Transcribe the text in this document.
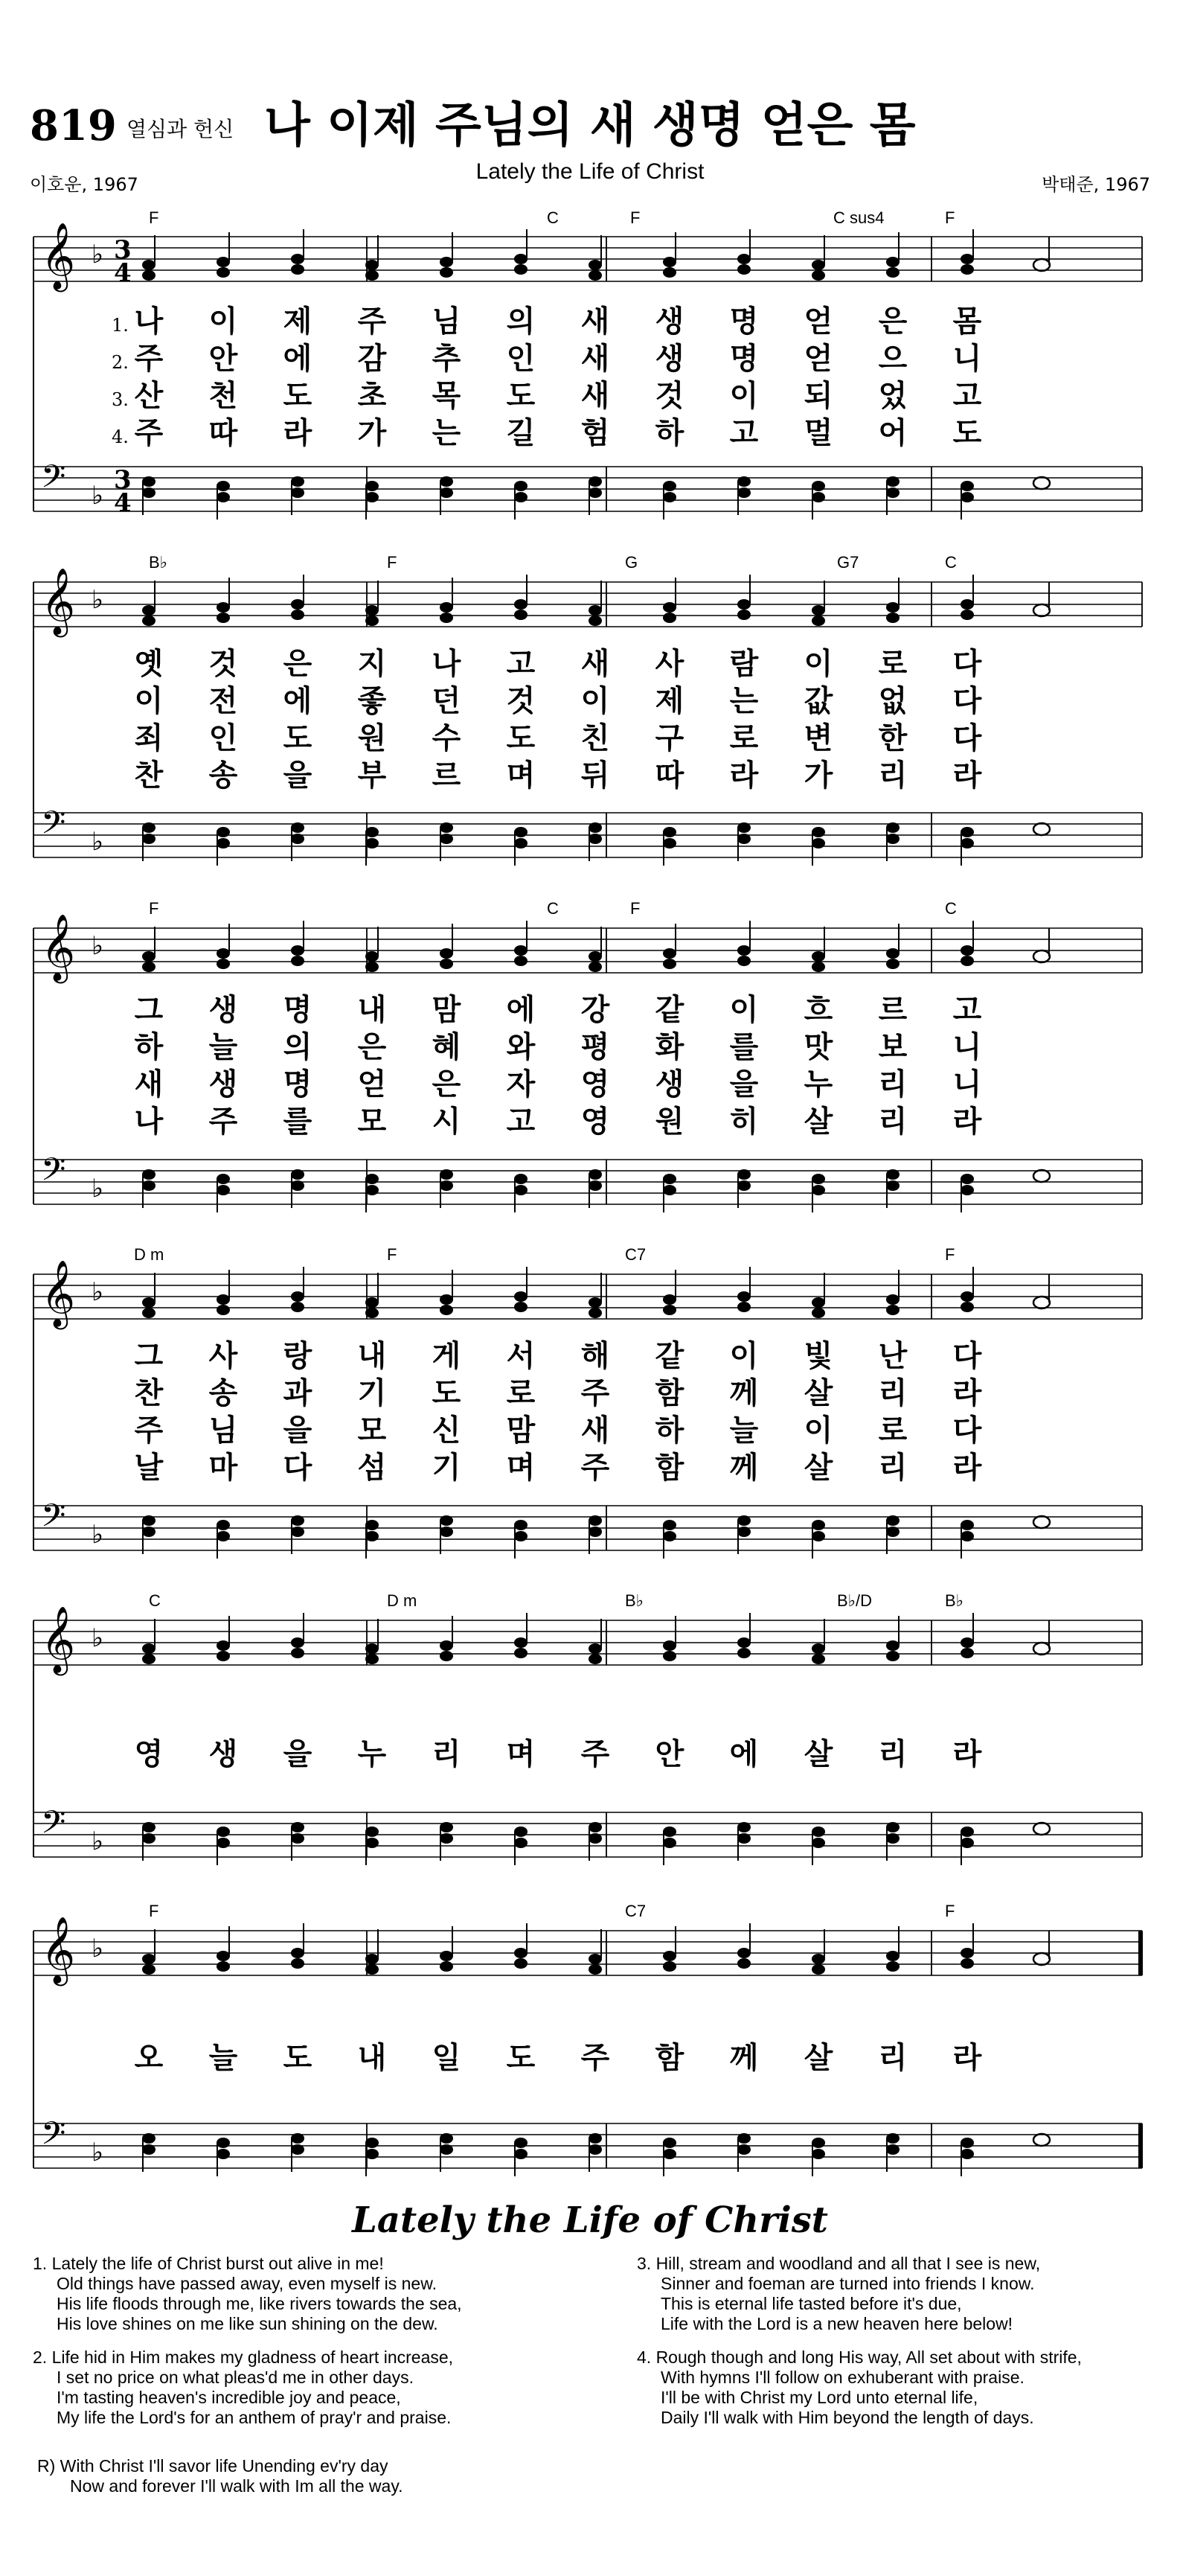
819 열심과 헌신 나 이제 주님의 새 생명 얻은 몸
Lately the Life of Christ
이호운, 1967	박태준, 1967
𝄞 ♭ 3
4
𝄢 ♭
3
4
F	C	F	C sus4	F
1. 나 이 제 주 님 의 새 생 명 얻 은 몸
2. 주 안 에 감 추 인 새 생 명 얻 으 니
3. 산 천 도 초 목 도 새 것 이 되 었 고
4. 주 따 라 가 는 길 험 하 고 멀 어 도
𝄞 ♭
𝄢 ♭
B♭	F	G	G7	C
옛 것 은 지 나 고 새 사 람 이 로 다
이 전 에 좋 던 것 이 제 는 값 없 다
죄 인 도 원 수 도 친 구 로 변 한 다
찬 송 을 부 르 며 뒤 따 라 가 리 라
𝄞 ♭
𝄢 ♭
F	C	F	C
그 생 명 내 맘 에 강 같 이 흐 르 고
하 늘 의 은 혜 와 평 화 를 맛 보 니
새 생 명 얻 은 자 영 생 을 누 리 니
나 주 를 모 시 고 영 원 히 살 리 라
𝄞 ♭
𝄢 ♭
D m	F	C7	F
그 사 랑 내 게 서 해 같 이 빛 난 다
찬 송 과 기 도 로 주 함 께 살 리 라
주 님 을 모 신 맘 새 하 늘 이 로 다
날 마 다 섬 기 며 주 함 께 살 리 라
𝄞 ♭
𝄢 ♭
C	D m	B♭	B♭/D	B♭
영 생 을 누 리 며 주 안 에 살 리 라
𝄞 ♭
𝄢 ♭
F	C7	F
오 늘 도 내 일 도 주 함 께 살 리 라
Lately the Life of Christ
1. Lately the life of Christ burst out alive in me!
Old things have passed away, even myself is new.
His life floods through me, like rivers towards the sea,
His love shines on me like sun shining on the dew.
2. Life hid in Him makes my gladness of heart increase,
I set no price on what pleas'd me in other days.
I'm tasting heaven's incredible joy and peace,
My life the Lord's for an anthem of pray'r and praise.
3. Hill, stream and woodland and all that I see is new,
Sinner and foeman are turned into friends I know.
This is eternal life tasted before it's due,
Life with the Lord is a new heaven here below!
4. Rough though and long His way, All set about with strife,
With hymns I'll follow on exhuberant with praise.
I'll be with Christ my Lord unto eternal life,
Daily I'll walk with Him beyond the length of days.
R) With Christ I'll savor life Unending ev'ry day
Now and forever I'll walk with Im all the way.
